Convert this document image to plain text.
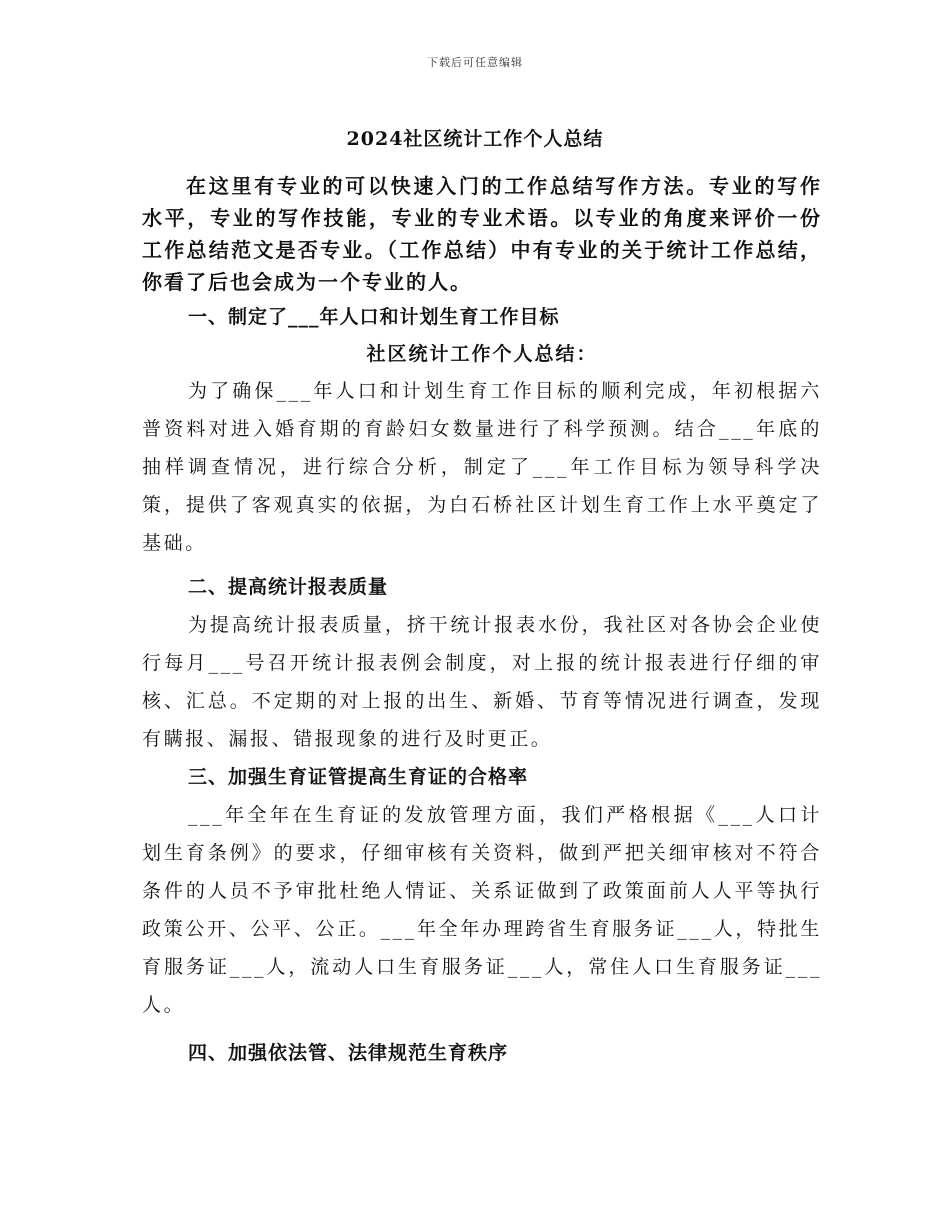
下载后可任意编辑
2024社区统计工作个人总结

在这里有专业的可以快速入门的工作总结写作方法。专业的写作水平，专业的写作技能，专业的专业术语。以专业的角度来评价一份工作总结范文是否专业。（工作总结）中有专业的关于统计工作总结，你看了后也会成为一个专业的人。

一、制定了___年人口和计划生育工作目标

社区统计工作个人总结：

为了确保___年人口和计划生育工作目标的顺利完成，年初根据六普资料对进入婚育期的育龄妇女数量进行了科学预测。结合___年底的抽样调查情况，进行综合分析，制定了___年工作目标为领导科学决策，提供了客观真实的依据，为白石桥社区计划生育工作上水平奠定了基础。

二、提高统计报表质量

为提高统计报表质量，挤干统计报表水份，我社区对各协会企业使行每月___号召开统计报表例会制度，对上报的统计报表进行仔细的审核、汇总。不定期的对上报的出生、新婚、节育等情况进行调查，发现有瞒报、漏报、错报现象的进行及时更正。

三、加强生育证管提高生育证的合格率

___年全年在生育证的发放管理方面，我们严格根据《___人口计划生育条例》的要求，仔细审核有关资料，做到严把关细审核对不符合条件的人员不予审批杜绝人情证、关系证做到了政策面前人人平等执行政策公开、公平、公正。___年全年办理跨省生育服务证___人，特批生育服务证___人，流动人口生育服务证___人，常住人口生育服务证___人。

四、加强依法管、法律规范生育秩序
